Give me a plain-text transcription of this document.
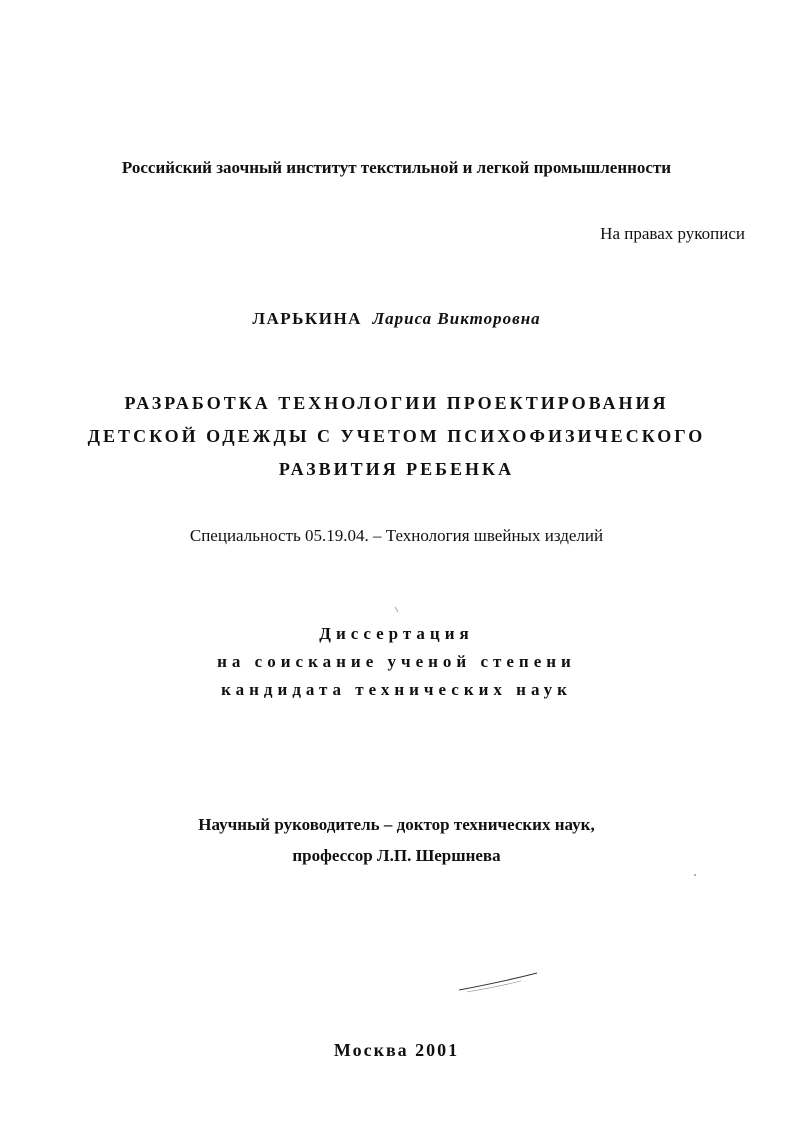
Российский заочный институт текстильной и легкой промышленности

На правах рукописи

ЛАРЬКИНА Лариса Викторовна

РАЗРАБОТКА ТЕХНОЛОГИИ ПРОЕКТИРОВАНИЯ

ДЕТСКОЙ ОДЕЖДЫ С УЧЕТОМ ПСИХОФИЗИЧЕСКОГО

РАЗВИТИЯ РЕБЕНКА

Специальность 05.19.04. – Технология швейных изделий

Диссертация

на соискание ученой степени

кандидата технических наук

Научный руководитель – доктор технических наук,

профессор Л.П. Шершнева

Москва 2001
